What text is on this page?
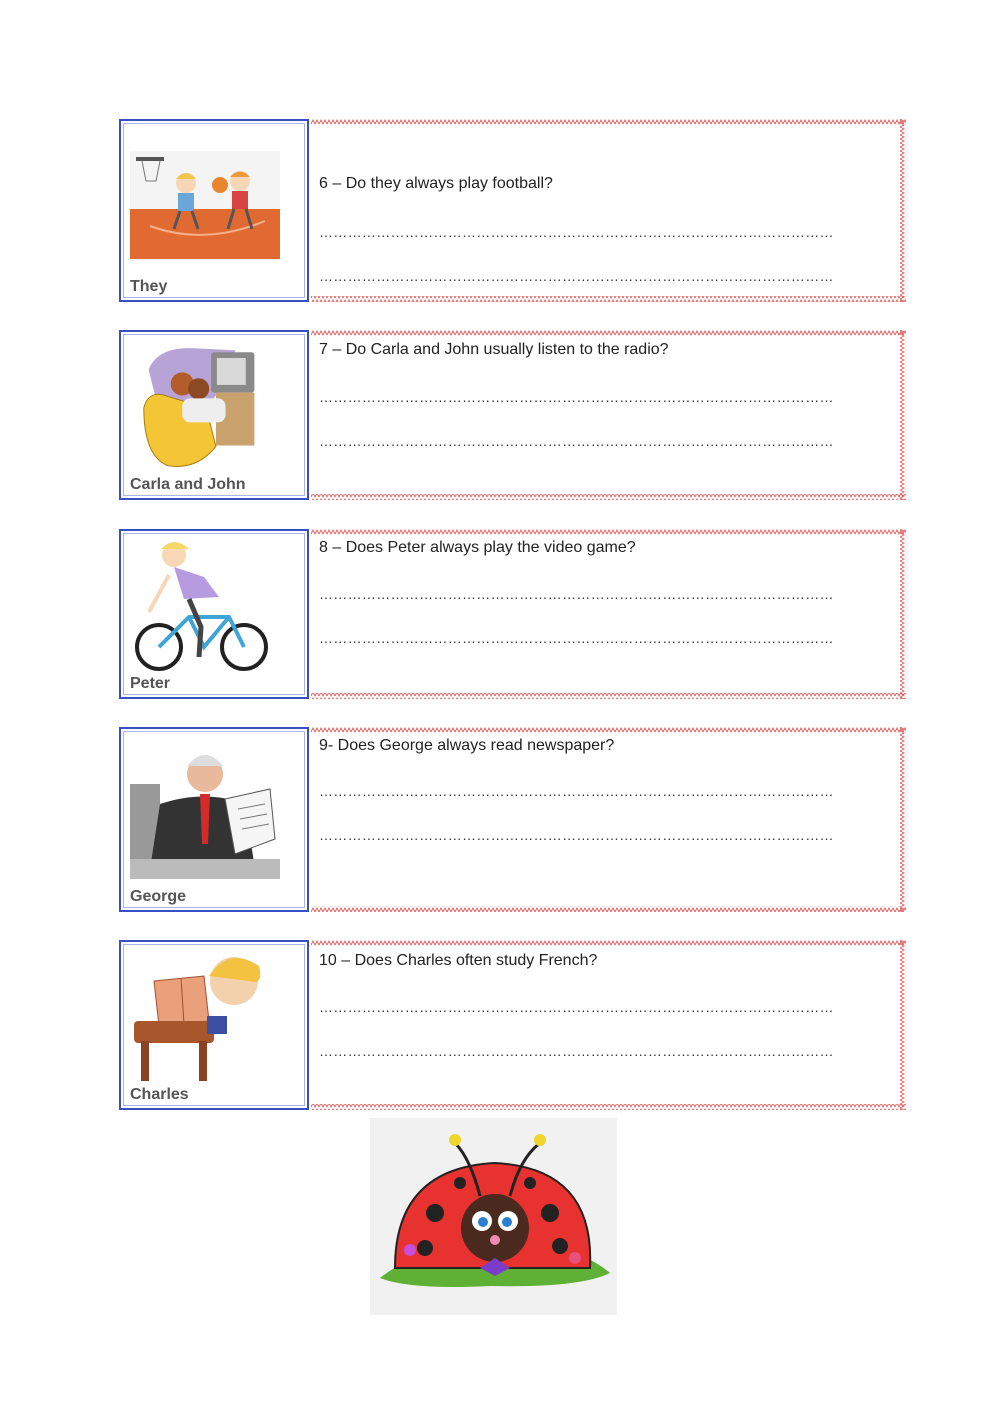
They
6 – Do they always play football?
………………………………………………………………………………………………
………………………………………………………………………………………………
Carla and John
7 – Do Carla and John usually listen to the radio?
………………………………………………………………………………………………
………………………………………………………………………………………………
Peter
8 – Does Peter always play the video game?
………………………………………………………………………………………………
………………………………………………………………………………………………
George
9- Does George always read newspaper?
………………………………………………………………………………………………
………………………………………………………………………………………………
Charles
10 – Does Charles often study French?
………………………………………………………………………………………………
………………………………………………………………………………………………
